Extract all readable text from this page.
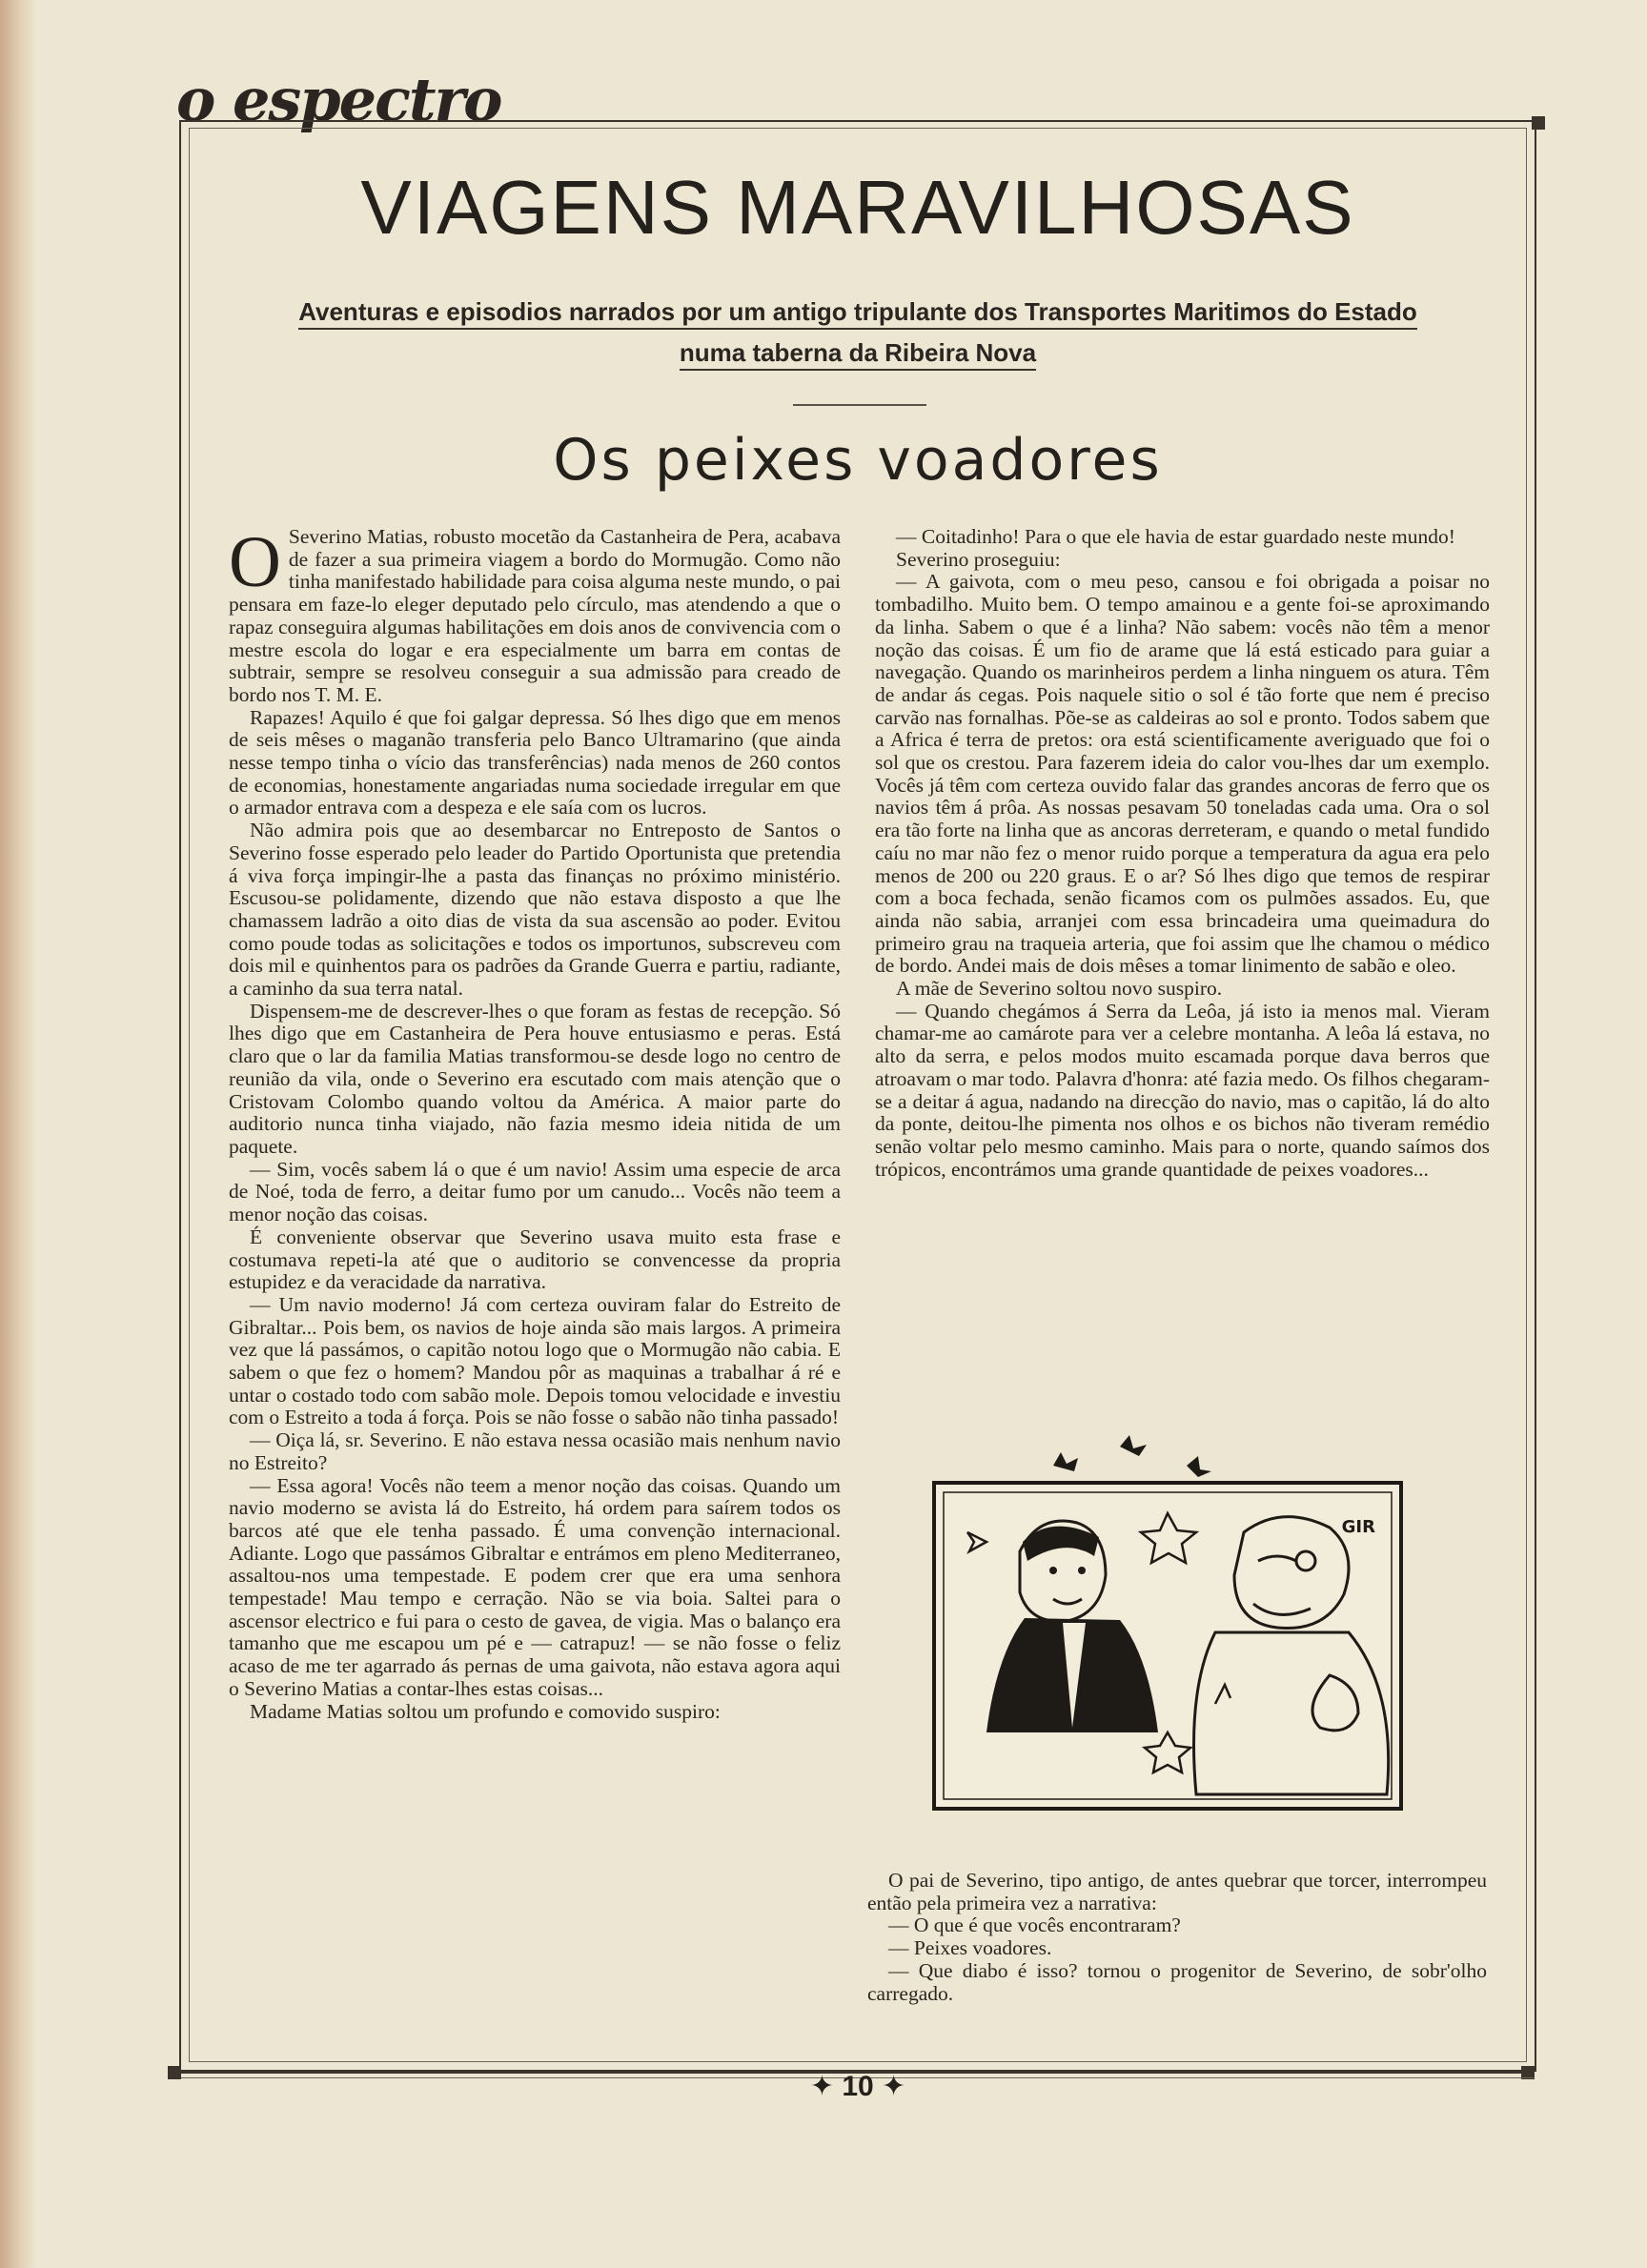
o espectro
VIAGENS MARAVILHOSAS
Aventuras e episodios narrados por um antigo tripulante dos Transportes Maritimos do Estado
numa taberna da Ribeira Nova
Os peixes voadores

O Severino Matias, robusto mocetão da Castanheira de Pera, acabava de fazer a sua primeira viagem a bordo do Mormugão. Como não tinha manifestado habilidade para coisa alguma neste mundo, o pai pensara em faze-lo eleger deputado pelo círculo, mas atendendo a que o rapaz conseguira algumas habilitações em dois anos de convivencia com o mestre escola do logar e era especialmente um barra em contas de subtrair, sempre se resolveu conseguir a sua admissão para creado de bordo nos T. M. E.

Rapazes! Aquilo é que foi galgar depressa. Só lhes digo que em menos de seis mêses o maganão transferia pelo Banco Ultramarino (que ainda nesse tempo tinha o vício das transferências) nada menos de 260 contos de economias, honestamente angariadas numa sociedade irregular em que o armador entrava com a despeza e ele saía com os lucros.

Não admira pois que ao desembarcar no Entreposto de Santos o Severino fosse esperado pelo leader do Partido Oportunista que pretendia á viva força impingir-lhe a pasta das finanças no próximo ministério. Escusou-se polidamente, dizendo que não estava disposto a que lhe chamassem ladrão a oito dias de vista da sua ascensão ao poder. Evitou como poude todas as solicitações e todos os importunos, subscreveu com dois mil e quinhentos para os padrões da Grande Guerra e partiu, radiante, a caminho da sua terra natal.

Dispensem-me de descrever-lhes o que foram as festas de recepção. Só lhes digo que em Castanheira de Pera houve entusiasmo e peras. Está claro que o lar da familia Matias transformou-se desde logo no centro de reunião da vila, onde o Severino era escutado com mais atenção que o Cristovam Colombo quando voltou da América. A maior parte do auditorio nunca tinha viajado, não fazia mesmo ideia nitida de um paquete.

— Sim, vocês sabem lá o que é um navio! Assim uma especie de arca de Noé, toda de ferro, a deitar fumo por um canudo... Vocês não teem a menor noção das coisas.

É conveniente observar que Severino usava muito esta frase e costumava repeti-la até que o auditorio se convencesse da propria estupidez e da veracidade da narrativa.

— Um navio moderno! Já com certeza ouviram falar do Estreito de Gibraltar... Pois bem, os navios de hoje ainda são mais largos. A primeira vez que lá passámos, o capitão notou logo que o Mormugão não cabia. E sabem o que fez o homem? Mandou pôr as maquinas a trabalhar á ré e untar o costado todo com sabão mole. Depois tomou velocidade e investiu com o Estreito a toda á força. Pois se não fosse o sabão não tinha passado!

— Oiça lá, sr. Severino. E não estava nessa ocasião mais nenhum navio no Estreito?

— Essa agora! Vocês não teem a menor noção das coisas. Quando um navio moderno se avista lá do Estreito, há ordem para saírem todos os barcos até que ele tenha passado. É uma convenção internacional. Adiante. Logo que passámos Gibraltar e entrámos em pleno Mediterraneo, assaltou-nos uma tempestade. E podem crer que era uma senhora tempestade! Mau tempo e cerração. Não se via boia. Saltei para o ascensor electrico e fui para o cesto de gavea, de vigia. Mas o balanço era tamanho que me escapou um pé e — catrapuz! — se não fosse o feliz acaso de me ter agarrado ás pernas de uma gaivota, não estava agora aqui o Severino Matias a contar-lhes estas coisas...

Madame Matias soltou um profundo e comovido suspiro:

— Coitadinho! Para o que ele havia de estar guardado neste mundo!

Severino proseguiu:

— A gaivota, com o meu peso, cansou e foi obrigada a poisar no tombadilho. Muito bem. O tempo amainou e a gente foi-se aproximando da linha. Sabem o que é a linha? Não sabem: vocês não têm a menor noção das coisas. É um fio de arame que lá está esticado para guiar a navegação. Quando os marinheiros perdem a linha ninguem os atura. Têm de andar ás cegas. Pois naquele sitio o sol é tão forte que nem é preciso carvão nas fornalhas. Põe-se as caldeiras ao sol e pronto. Todos sabem que a Africa é terra de pretos: ora está scientificamente averiguado que foi o sol que os crestou. Para fazerem ideia do calor vou-lhes dar um exemplo. Vocês já têm com certeza ouvido falar das grandes ancoras de ferro que os navios têm á prôa. As nossas pesavam 50 toneladas cada uma. Ora o sol era tão forte na linha que as ancoras derreteram, e quando o metal fundido caíu no mar não fez o menor ruido porque a temperatura da agua era pelo menos de 200 ou 220 graus. E o ar? Só lhes digo que temos de respirar com a boca fechada, senão ficamos com os pulmões assados. Eu, que ainda não sabia, arranjei com essa brincadeira uma queimadura do primeiro grau na traqueia arteria, que foi assim que lhe chamou o médico de bordo. Andei mais de dois mêses a tomar linimento de sabão e oleo.

A mãe de Severino soltou novo suspiro.

— Quando chegámos á Serra da Leôa, já isto ia menos mal. Vieram chamar-me ao camárote para ver a celebre montanha. A leôa lá estava, no alto da serra, e pelos modos muito escamada porque dava berros que atroavam o mar todo. Palavra d'honra: até fazia medo. Os filhos chegaram-se a deitar á agua, nadando na direcção do navio, mas o capitão, lá do alto da ponte, deitou-lhe pimenta nos olhos e os bichos não tiveram remédio senão voltar pelo mesmo caminho. Mais para o norte, quando saímos dos trópicos, encontrámos uma grande quantidade de peixes voadores...

GIR

O pai de Severino, tipo antigo, de antes quebrar que torcer, interrompeu então pela primeira vez a narrativa:

— O que é que vocês encontraram?

— Peixes voadores.

— Que diabo é isso? tornou o progenitor de Severino, de sobr'olho carregado.

✦ 10 ✦
